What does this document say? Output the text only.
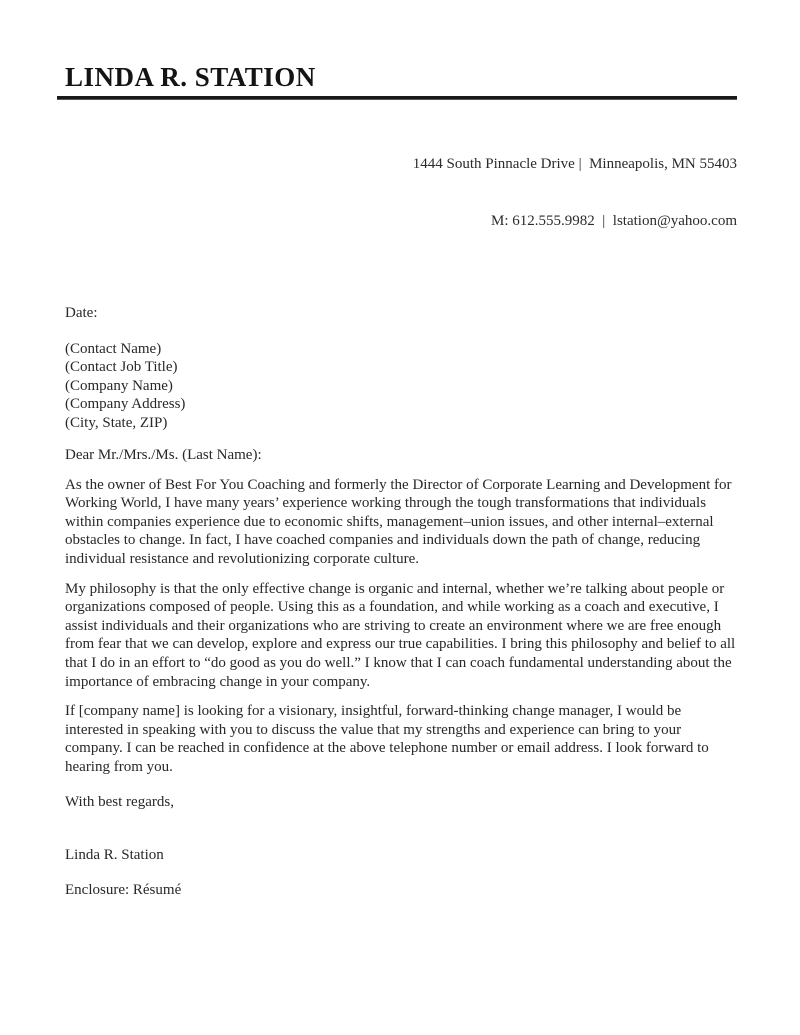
LINDA R. STATION

1444 South Pinnacle Drive |  Minneapolis, MN 55403

M: 612.555.9982  |  lstation@yahoo.com

Date:
(Contact Name)
(Contact Job Title)
(Company Name)
(Company Address)
(City, State, ZIP)
Dear Mr./Mrs./Ms. (Last Name):

As the owner of Best For You Coaching and formerly the Director of Corporate Learning and Development for Working World, I have many years’ experience working through the tough transformations that individuals within companies experience due to economic shifts, management–union issues, and other internal–external obstacles to change. In fact, I have coached companies and individuals down the path of change, reducing individual resistance and revolutionizing corporate culture.

My philosophy is that the only effective change is organic and internal, whether we’re talking about people or organizations composed of people. Using this as a foundation, and while working as a coach and executive, I assist individuals and their organizations who are striving to create an environment where we are free enough from fear that we can develop, explore and express our true capabilities. I bring this philosophy and belief to all that I do in an effort to “do good as you do well.” I know that I can coach fundamental understanding about the importance of embracing change in your company.

If [company name] is looking for a visionary, insightful, forward-thinking change manager, I would be interested in speaking with you to discuss the value that my strengths and experience can bring to your company. I can be reached in confidence at the above telephone number or email address. I look forward to hearing from you.

With best regards,
Linda R. Station
Enclosure: Résumé
